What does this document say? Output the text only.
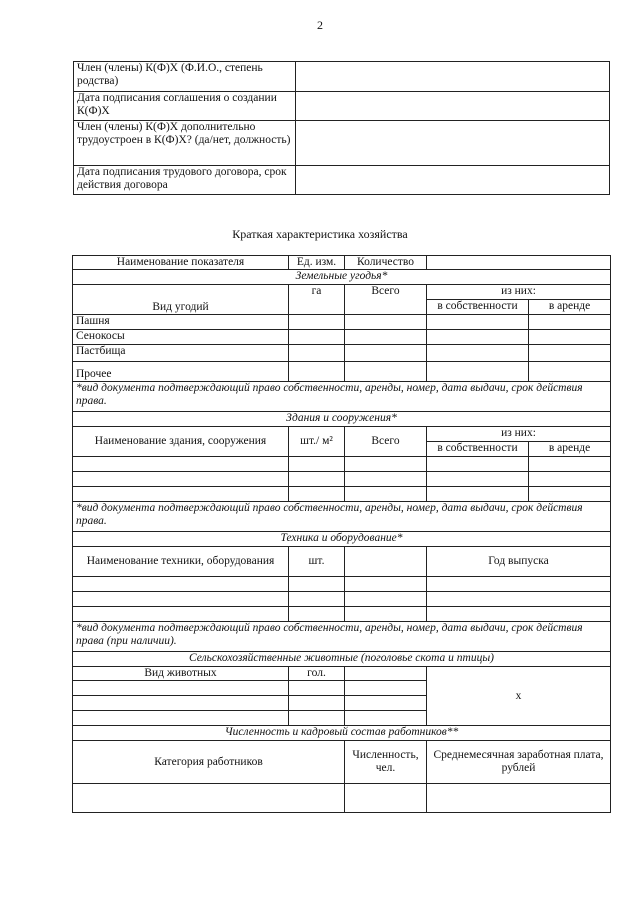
2
Член (члены) К(Ф)Х (Ф.И.О., степень родства)	
Дата подписания соглашения о создании К(Ф)Х	
Член (члены) К(Ф)Х дополнительно трудоустроен в К(Ф)Х? (да/нет, должность)	
Дата подписания трудового договора, срок действия договора	
Краткая характеристика хозяйства
Наименование показателя	Ед. изм.	Количество		
Земельные угодья*				
Вид угодий	га	Всего	из них:	
			в собственности	в аренде
Пашня				
Сенокосы				
Пастбища				
Прочее				
*вид документа подтверждающий право собственности, аренды, номер, дата выдачи, срок действия права.				
Здания и сооружения*				
Наименование здания, сооружения	шт./ м²	Всего	из них:	
			в собственности	в аренде

*вид документа подтверждающий право собственности, аренды, номер, дата выдачи, срок действия права.				
Техника и оборудование*				
Наименование техники, оборудования	шт.		Год выпуска	

*вид документа подтверждающий право собственности, аренды, номер, дата выдачи, срок действия права (при наличии).				
Сельскохозяйственные животные (поголовье скота и птицы)				
Вид животных	гол.		х	

Численность и кадровый состав работников**				
Категория работников		Численность, чел.	Среднемесячная заработная плата, рублей	
